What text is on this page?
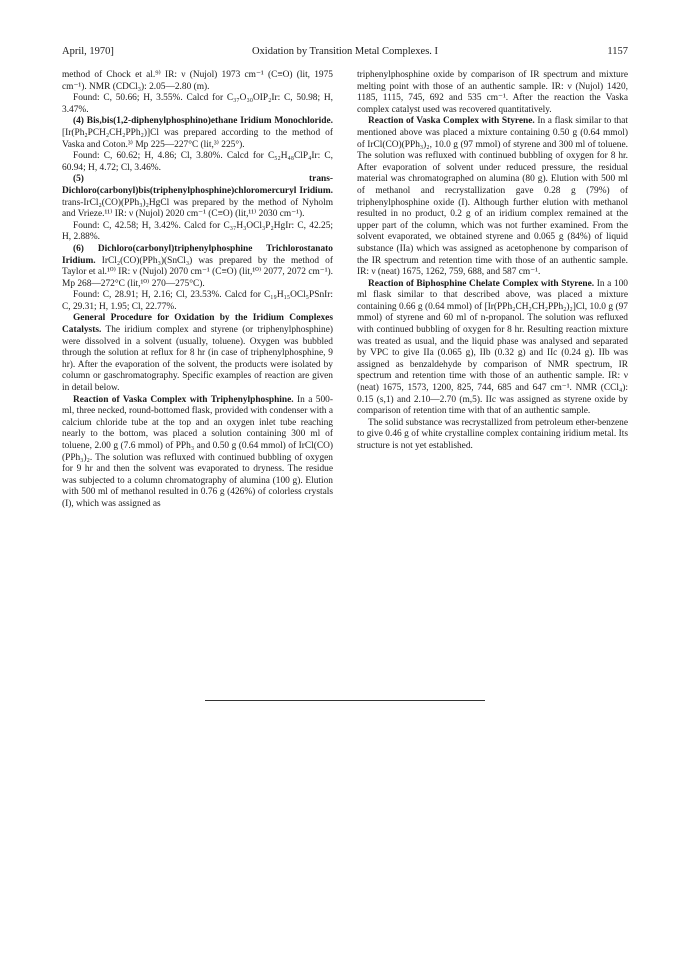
April, 1970]	Oxidation by Transition Metal Complexes. I	1157

method of Chock et al.⁹⁾ IR: ν (Nujol) 1973 cm⁻¹ (C≡O) (lit, 1975 cm⁻¹). NMR (CDCl₃): 2.05—2.80 (m).

Found: C, 50.66; H, 3.55%. Calcd for C₃₇O₃₀OIP₂Ir: C, 50.98; H, 3.47%.

(4) Bis,bis(1,2-diphenylphosphino)ethane Iridium Monochloride. [Ir(Ph₂PCH₂CH₂PPh₂)]Cl was prepared according to the method of Vaska and Coton.³⁾ Mp 225—227°C (lit,³⁾ 225°).

Found: C, 60.62; H, 4.86; Cl, 3.80%. Calcd for C₅₂H₄₈ClP₄Ir: C, 60.94; H, 4.72; Cl, 3.46%.

(5) trans-Dichloro(carbonyl)bis(triphenylphosphine)chloromercuryl Iridium. trans-IrCl₂(CO)(PPh₃)₂HgCl was prepared by the method of Nyholm and Vrieze.¹¹⁾ IR: ν (Nujol) 2020 cm⁻¹ (C≡O) (lit,¹¹⁾ 2030 cm⁻¹).

Found: C, 42.58; H, 3.42%. Calcd for C₃₇H₃OCl₃P₂HgIr: C, 42.25; H, 2.88%.

(6) Dichloro(carbonyl)triphenylphosphine Trichlorostanato Iridium. IrCl₂(CO)(PPh₃)(SnCl₃) was prepared by the method of Taylor et al.¹⁰⁾ IR: ν (Nujol) 2070 cm⁻¹ (C≡O) (lit,¹⁰⁾ 2077, 2072 cm⁻¹). Mp 268—272°C (lit,¹⁰⁾ 270—275°C).

Found: C, 28.91; H, 2.16; Cl, 23.53%. Calcd for C₁₉H₁₅OCl₅PSnIr: C, 29.31; H, 1.95; Cl, 22.77%.

General Procedure for Oxidation by the Iridium Complexes Catalysts. The iridium complex and styrene (or triphenylphosphine) were dissolved in a solvent (usually, toluene). Oxygen was bubbled through the solution at reflux for 8 hr (in case of triphenylphosphine, 9 hr). After the evaporation of the solvent, the products were isolated by column or gaschromatography. Specific examples of reaction are given in detail below.

Reaction of Vaska Complex with Triphenylphosphine. In a 500-ml, three necked, round-bottomed flask, provided with condenser with a calcium chloride tube at the top and an oxygen inlet tube reaching nearly to the bottom, was placed a solution containing 300 ml of toluene, 2.00 g (7.6 mmol) of PPh₃ and 0.50 g (0.64 mmol) of IrCl(CO)(PPh₃)₂. The solution was refluxed with continued bubbling of oxygen for 9 hr and then the solvent was evaporated to dryness. The residue was subjected to a column chromatography of alumina (100 g). Elution with 500 ml of methanol resulted in 0.76 g (426%) of colorless crystals (I), which was assigned as

triphenylphosphine oxide by comparison of IR spectrum and mixture melting point with those of an authentic sample. IR: ν (Nujol) 1420, 1185, 1115, 745, 692 and 535 cm⁻¹. After the reaction the Vaska complex catalyst used was recovered quantitatively.

Reaction of Vaska Complex with Styrene. In a flask similar to that mentioned above was placed a mixture containing 0.50 g (0.64 mmol) of IrCl(CO)(PPh₃)₂, 10.0 g (97 mmol) of styrene and 300 ml of toluene. The solution was refluxed with continued bubbling of oxygen for 8 hr. After evaporation of solvent under reduced pressure, the residual material was chromatographed on alumina (80 g). Elution with 500 ml of methanol and recrystallization gave 0.28 g (79%) of triphenylphosphine oxide (I). Although further elution with methanol resulted in no product, 0.2 g of an iridium complex remained at the upper part of the column, which was not further examined. From the solvent evaporated, we obtained styrene and 0.065 g (84%) of liquid substance (IIa) which was assigned as acetophenone by comparison of the IR spectrum and retention time with those of an authentic sample. IR: ν (neat) 1675, 1262, 759, 688, and 587 cm⁻¹.

Reaction of Biphosphine Chelate Complex with Styrene. In a 100 ml flask similar to that described above, was placed a mixture containing 0.66 g (0.64 mmol) of [Ir(PPh₂CH₂CH₂PPh₂)₂]Cl, 10.0 g (97 mmol) of styrene and 60 ml of n-propanol. The solution was refluxed with continued bubbling of oxygen for 8 hr. Resulting reaction mixture was treated as usual, and the liquid phase was analysed and separated by VPC to give IIa (0.065 g), IIb (0.32 g) and IIc (0.24 g). IIb was assigned as benzaldehyde by comparison of NMR spectrum, IR spectrum and retention time with those of an authentic sample. IR: ν (neat) 1675, 1573, 1200, 825, 744, 685 and 647 cm⁻¹. NMR (CCl₄): 0.15 (s,1) and 2.10—2.70 (m,5). IIc was assigned as styrene oxide by comparison of retention time with that of an authentic sample.

The solid substance was recrystallized from petroleum ether-benzene to give 0.46 g of white crystalline complex containing iridium metal. Its structure is not yet established.
